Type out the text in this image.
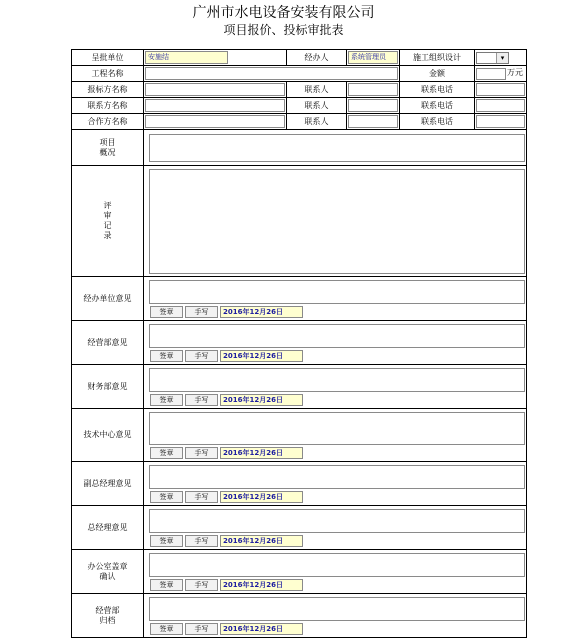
广州市水电设备安装有限公司
项目报价、投标审批表
呈批单位	安施结	经办人	系统管理员	施工组织设计	▾

工程名称				金额	万元

报标方名称		联系人		联系电话	

联系方名称		联系人		联系电话	

合作方名称		联系人		联系电话	

项目
概况					

评
审
记
录					

经办单位意见	签章 手写 2016年12月26日				

经营部意见	签章 手写 2016年12月26日				

财务部意见	签章 手写 2016年12月26日				

技术中心意见	签章 手写 2016年12月26日				

副总经理意见	签章 手写 2016年12月26日				

总经理意见	签章 手写 2016年12月26日				

办公室盖章
确认	签章 手写 2016年12月26日				

经营部
归档	签章 手写 2016年12月26日				
